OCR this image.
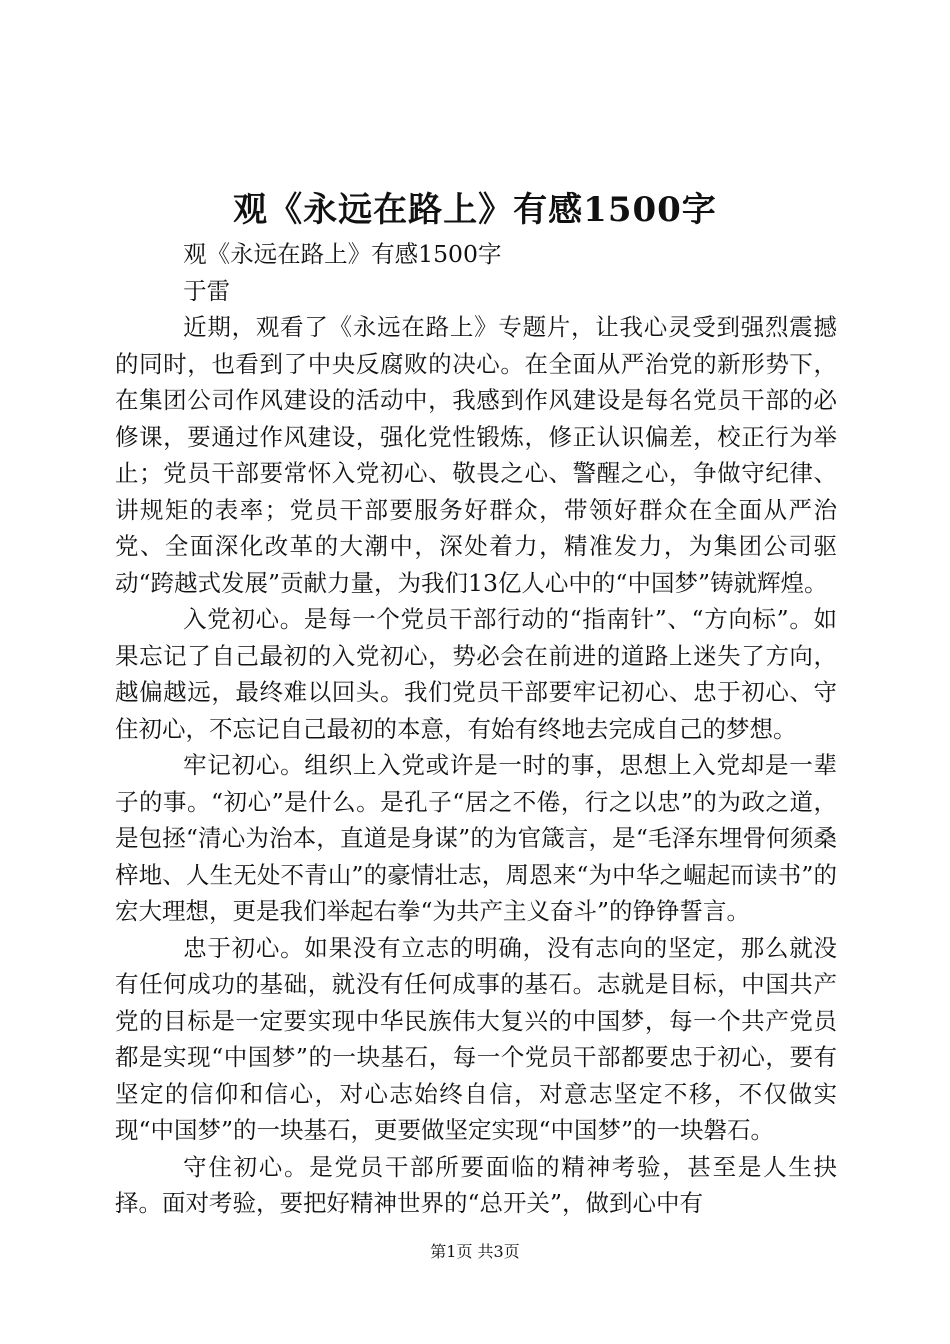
观《永远在路上》有感1500字

观《永远在路上》有感1500字

于雷

近期，观看了《永远在路上》专题片，让我心灵受到强烈震撼的同时，也看到了中央反腐败的决心。在全面从严治党的新形势下，在集团公司作风建设的活动中，我感到作风建设是每名党员干部的必修课，要通过作风建设，强化党性锻炼，修正认识偏差，校正行为举止；党员干部要常怀入党初心、敬畏之心、警醒之心，争做守纪律、讲规矩的表率；党员干部要服务好群众，带领好群众在全面从严治党、全面深化改革的大潮中，深处着力，精准发力，为集团公司驱动“跨越式发展”贡献力量，为我们13亿人心中的“中国梦”铸就辉煌。

入党初心。是每一个党员干部行动的“指南针”、“方向标”。如果忘记了自己最初的入党初心，势必会在前进的道路上迷失了方向，越偏越远，最终难以回头。我们党员干部要牢记初心、忠于初心、守住初心，不忘记自己最初的本意，有始有终地去完成自己的梦想。

牢记初心。组织上入党或许是一时的事，思想上入党却是一辈子的事。“初心”是什么。是孔子“居之不倦，行之以忠”的为政之道，是包拯“清心为治本，直道是身谋”的为官箴言，是“毛泽东埋骨何须桑梓地、人生无处不青山”的豪情壮志，周恩来“为中华之崛起而读书”的宏大理想，更是我们举起右拳“为共产主义奋斗”的铮铮誓言。

忠于初心。如果没有立志的明确，没有志向的坚定，那么就没有任何成功的基础，就没有任何成事的基石。志就是目标，中国共产党的目标是一定要实现中华民族伟大复兴的中国梦，每一个共产党员都是实现“中国梦”的一块基石，每一个党员干部都要忠于初心，要有坚定的信仰和信心，对心志始终自信，对意志坚定不移，不仅做实现“中国梦”的一块基石，更要做坚定实现“中国梦”的一块磐石。

守住初心。是党员干部所要面临的精神考验，甚至是人生抉择。面对考验，要把好精神世界的“总开关”，做到心中有

第1页 共3页
